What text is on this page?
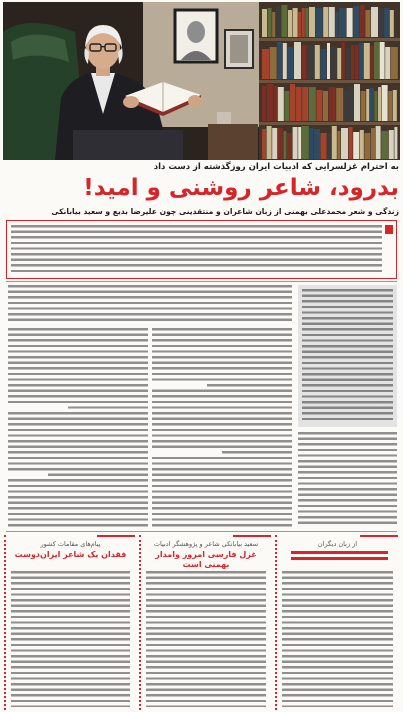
به احترام غزلسرایی که ادبیات ایران روزگذشته از دست داد
بدرود، شاعر روشنی و امید!
زندگی و شعر محمدعلی بهمنی از زبان شاعران و منتقدینی چون علیرضا بدیع و سعید بیابانکی
پیام‌های مقامات کشور
فقدان یک شاعر ایران‌دوست
سعید بیابانکی شاعر و پژوهشگر ادبیات
غزل فارسی امروز وامدار بهمنی است
از زبان دیگران
